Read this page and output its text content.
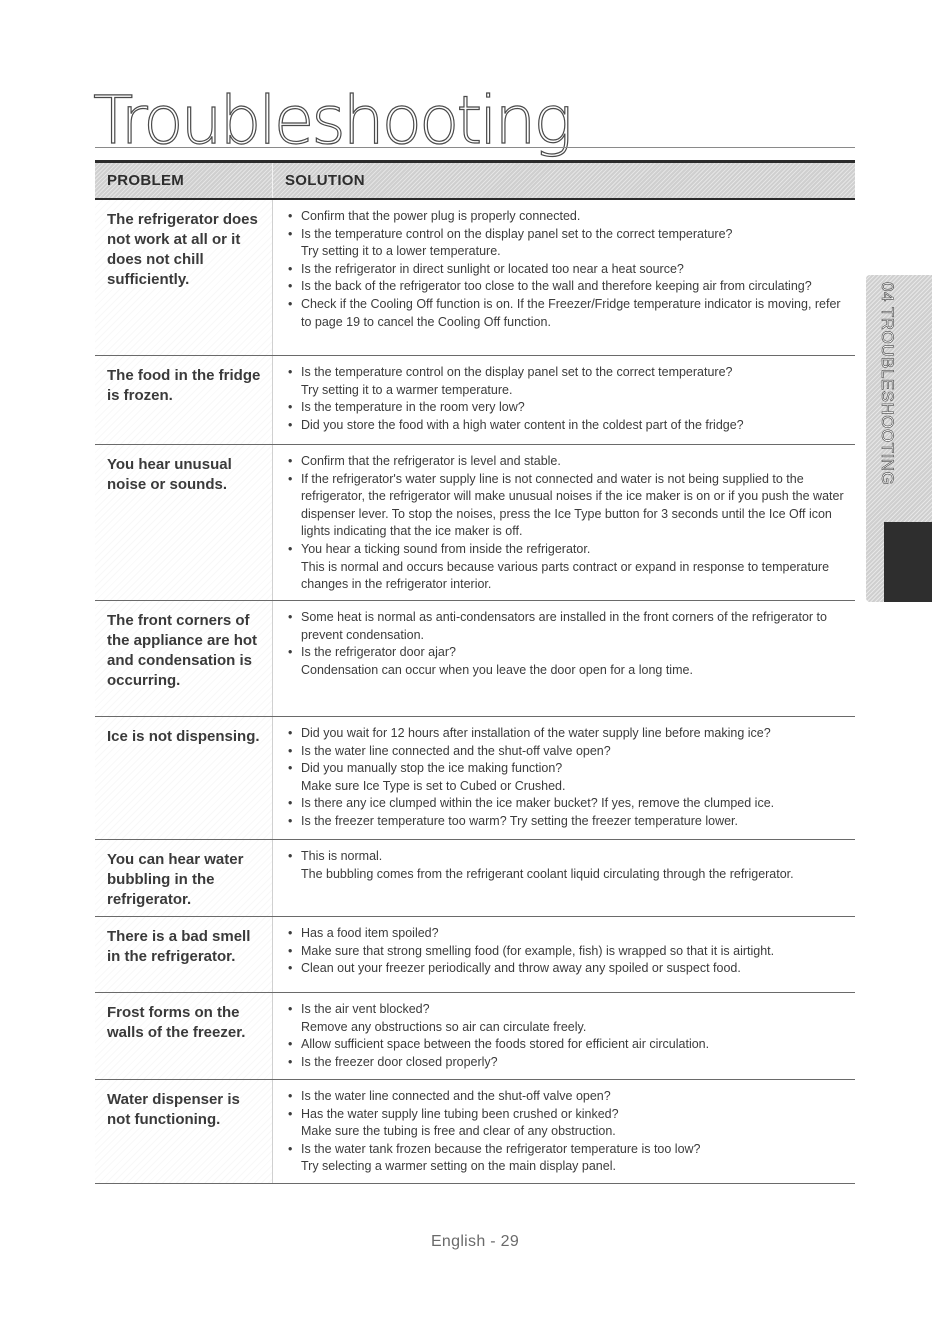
Troubleshooting
PROBLEM	SOLUTION
The refrigerator does not work at all or it does not chill sufficiently.
• Confirm that the power plug is properly connected.
• Is the temperature control on the display panel set to the correct temperature?
Try setting it to a lower temperature.
• Is the refrigerator in direct sunlight or located too near a heat source?
• Is the back of the refrigerator too close to the wall and therefore keeping air from circulating?
• Check if the Cooling Off function is on. If the Freezer/Fridge temperature indicator is moving, refer to page 19 to cancel the Cooling Off function.
The food in the fridge is frozen.
• Is the temperature control on the display panel set to the correct temperature?
Try setting it to a warmer temperature.
• Is the temperature in the room very low?
• Did you store the food with a high water content in the coldest part of the fridge?
You hear unusual noise or sounds.
• Confirm that the refrigerator is level and stable.
• If the refrigerator's water supply line is not connected and water is not being supplied to the refrigerator, the refrigerator will make unusual noises if the ice maker is on or if you push the water dispenser lever. To stop the noises, press the Ice Type button for 3 seconds until the Ice Off icon lights indicating that the ice maker is off.
• You hear a ticking sound from inside the refrigerator.
This is normal and occurs because various parts contract or expand in response to temperature changes in the refrigerator interior.
The front corners of the appliance are hot and condensation is occurring.
• Some heat is normal as anti-condensators are installed in the front corners of the refrigerator to prevent condensation.
• Is the refrigerator door ajar?
Condensation can occur when you leave the door open for a long time.
Ice is not dispensing.
•	Did you wait for 12 hours after installation of the water supply line before making ice?
• Is the water line connected and the shut-off valve open?
• Did you manually stop the ice making function?
Make sure Ice Type is set to Cubed or Crushed.
• Is there any ice clumped within the ice maker bucket? If yes, remove the clumped ice.
• Is the freezer temperature too warm? Try setting the freezer temperature lower.
You can hear water bubbling in the refrigerator.
• This is normal.
The bubbling comes from the refrigerant coolant liquid circulating through the refrigerator.
There is a bad smell in the refrigerator.
• Has a food item spoiled?
• Make sure that strong smelling food (for example, fish) is wrapped so that it is airtight.
• Clean out your freezer periodically and throw away any spoiled or suspect food.
Frost forms on the walls of the freezer.
• Is the air vent blocked?
Remove any obstructions so air can circulate freely.
• Allow sufficient space between the foods stored for efficient air circulation.
• Is the freezer door closed properly?
Water dispenser is not functioning.
• Is the water line connected and the shut-off valve open?
• Has the water supply line tubing been crushed or kinked?
Make sure the tubing is free and clear of any obstruction.
• Is the water tank frozen because the refrigerator temperature is too low?
Try selecting a warmer setting on the main display panel.
04 TROUBLESHOOTING
English - 29
